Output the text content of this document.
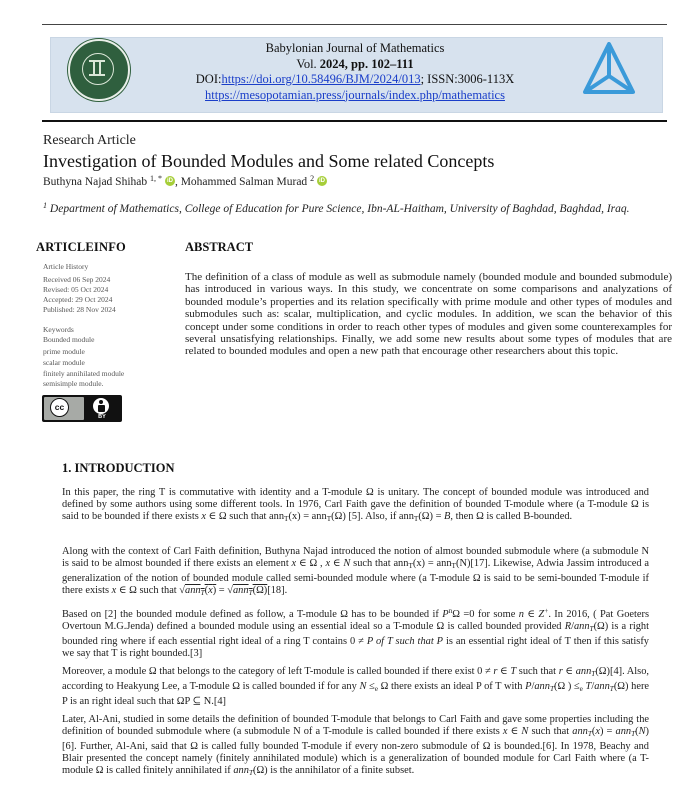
Babylonian Journal of Mathematics
Vol. 2024, pp. 102–111
DOI:https://doi.org/10.58496/BJM/2024/013; ISSN:3006-113X
https://mesopotamian.press/journals/index.php/mathematics
Research Article
Investigation of Bounded Modules and Some related Concepts
Buthyna Najad Shihab $^{1, *}$ iD , Mohammed Salman Murad $^2$ iD
$^1$ Department of Mathematics, College of Education for Pure Science, Ibn-AL-Haitham, University of Baghdad, Baghdad, Iraq.
ARTICLEINFO	ABSTRACT
Article History
Received 06 Sep 2024
Revised: 05 Oct 2024
Accepted: 29 Oct 2024
Published: 28 Nov 2024
Keywords
Bounded module
prime module
scalar module
finitely annihilated module
semisimple module.
The definition of a class of module as well as submodule namely (bounded module and bounded submodule) has introduced in various ways. In this study, we concentrate on some comparisons and analyzations of bounded module’s properties and its relation specifically with prime module and other types of modules and submodules such as: scalar, multiplication, and cyclic modules. In addition, we scan the behavior of this concept under some conditions in order to reach other types of modules and given some counterexamples for several unsatisfying relationships. Finally, we add some new results about some types of modules that are related to bounded modules and open a new path that encourage other researchers about this topic.
cc
BY
1. INTRODUCTION
In this paper, the ring T is commutative with identity and a T-module Ω is unitary. The concept of bounded module was introduced and defined by some authors using some different tools. In 1976, Carl Faith gave the definition of bounded T-module where (a T-module Ω is said to be bounded if there exists x ∈ Ω such that ann$_T$(x) = ann$_T$(Ω) [5]. Also, if ann$_T$(Ω) = B, then Ω is called B-bounded.
Along with the context of Carl Faith definition, Buthyna Najad introduced the notion of almost bounded submodule where (a submodule N is said to be almost bounded if there exists an element x ∈ Ω , x ∈ N such that ann$_T$(x) = ann$_T$(N)[17]. Likewise, Adwia Jassim introduced a generalization of the notion of bounded module called semi-bounded module where (a T-module Ω is said to be semi-bounded T-module if there exists x ∈ Ω such that √ann$_T$(x) = √ann$_T$(Ω)[18].
Based on [2] the bounded module defined as follow, a T-module Ω has to be bounded if $P^n\Omega =0$ for some n ∈ Z+. In 2016, ( Pat Goeters Overtoun M.G.Jenda) defined a bounded module using an essential ideal so a T-module Ω is called bounded provided R/ann$_T$(Ω) is a right bounded ring where if each essential right ideal of a ring T contains 0 ≠ P of T such that P is an essential right ideal of T then if this satisfy we say that T is right bounded.[3]
Moreover, a module Ω that belongs to the category of left T-module is called bounded if there exist 0 ≠ r ∈ T such that r ∈ ann$_T$(Ω)[4]. Also, according to Heakyung Lee, a T-module Ω is called bounded if for any $N \le_e$ Ω there exists an ideal P of T with P/ann$_T$(Ω ) $\le_e$ T/ann$_T$(Ω) here P is an right ideal such that ΩP ⊆ N.[4]
Later, Al-Ani, studied in some details the definition of bounded T-module that belongs to Carl Faith and gave some properties including the definition of bounded submodule where (a submodule N of a T-module is called bounded if there exists x ∈ N such that ann$_T$(x) = ann$_T$(N)[6]. Further, Al-Ani, said that Ω is called fully bounded T-module if every non-zero submodule of Ω is bounded.[6]. In 1978, Beachy and Blair presented the concept namely (finitely annihilated module) which is a generalization of bounded module for Carl Faith where (a T-module Ω is called finitely annihilated if ann$_T$(Ω) is the annihilator of a finite subset.
